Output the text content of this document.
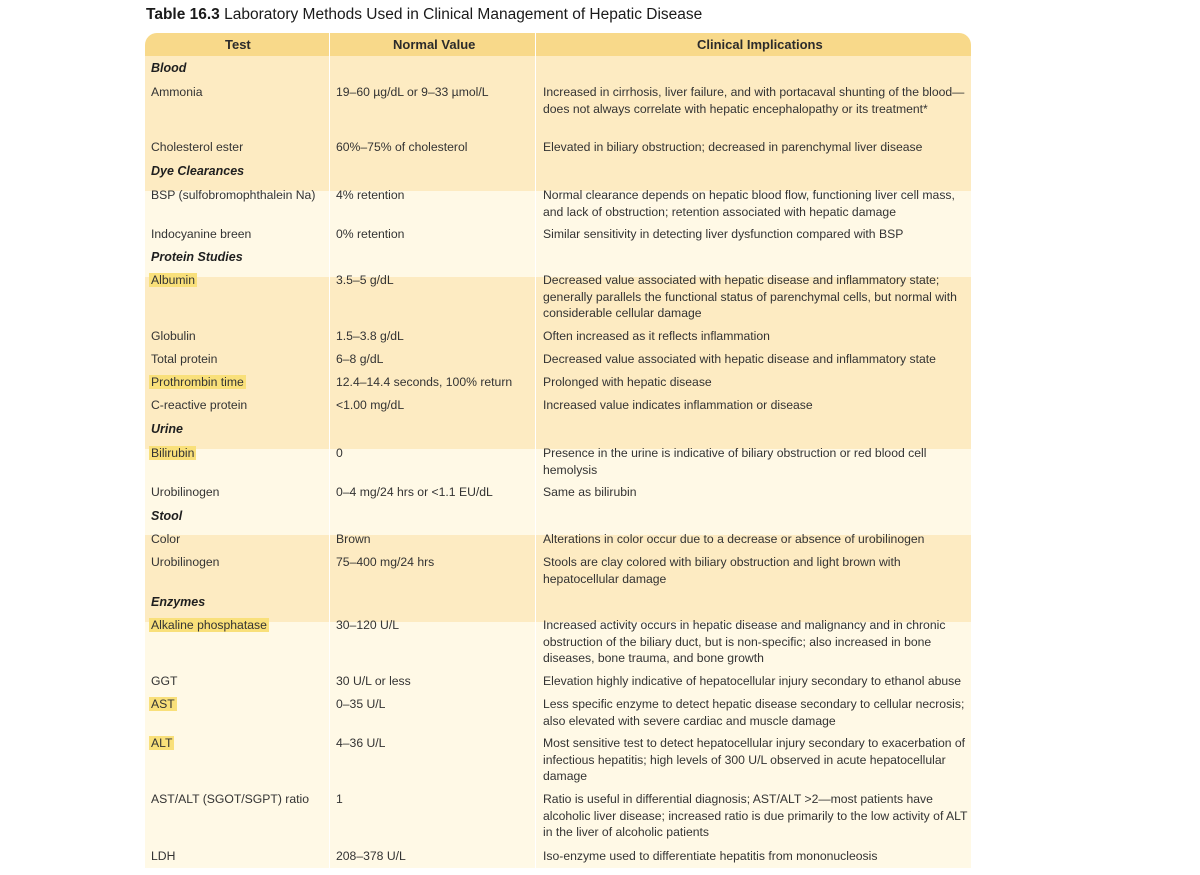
Table 16.3 Laboratory Methods Used in Clinical Management of Hepatic Disease
Test	Normal Value	Clinical Implications
Blood
Ammonia	19–60 µg/dL or 9–33 µmol/L	Increased in cirrhosis, liver failure, and with portacaval shunting of the blood—does not always correlate with hepatic encephalopathy or its treatment*
Cholesterol ester	60%–75% of cholesterol	Elevated in biliary obstruction; decreased in parenchymal liver disease
Dye Clearances
BSP (sulfobromophthalein Na) 4% retention	Normal clearance depends on hepatic blood flow, functioning liver cell mass, and lack of obstruction; retention associated with hepatic damage
Indocyanine breen	0% retention	Similar sensitivity in detecting liver dysfunction compared with BSP
Protein Studies
Albumin	3.5–5 g/dL	Decreased value associated with hepatic disease and inflammatory state; generally parallels the functional status of parenchymal cells, but normal with considerable cellular damage
Globulin	1.5–3.8 g/dL	Often increased as it reflects inflammation
Total protein	6–8 g/dL	Decreased value associated with hepatic disease and inflammatory state
Prothrombin time	12.4–14.4 seconds, 100% return	Prolonged with hepatic disease
C-reactive protein	<1.00 mg/dL	Increased value indicates inflammation or disease
Urine
Bilirubin	0	Presence in the urine is indicative of biliary obstruction or red blood cell hemolysis
Urobilinogen	0–4 mg/24 hrs or <1.1 EU/dL	Same as bilirubin
Stool
Color	Brown	Alterations in color occur due to a decrease or absence of urobilinogen
Urobilinogen	75–400 mg/24 hrs	Stools are clay colored with biliary obstruction and light brown with hepatocellular damage
Enzymes
Alkaline phosphatase	30–120 U/L	Increased activity occurs in hepatic disease and malignancy and in chronic obstruction of the biliary duct, but is non-specific; also increased in bone diseases, bone trauma, and bone growth
GGT	30 U/L or less	Elevation highly indicative of hepatocellular injury secondary to ethanol abuse
AST	0–35 U/L	Less specific enzyme to detect hepatic disease secondary to cellular necrosis; also elevated with severe cardiac and muscle damage
ALT	4–36 U/L	Most sensitive test to detect hepatocellular injury secondary to exacerbation of infectious hepatitis; high levels of 300 U/L observed in acute hepatocellular damage
AST/ALT (SGOT/SGPT) ratio 1	Ratio is useful in differential diagnosis; AST/ALT >2—most patients have alcoholic liver disease; increased ratio is due primarily to the low activity of ALT in the liver of alcoholic patients
LDH	208–378 U/L	Iso-enzyme used to differentiate hepatitis from mononucleosis
